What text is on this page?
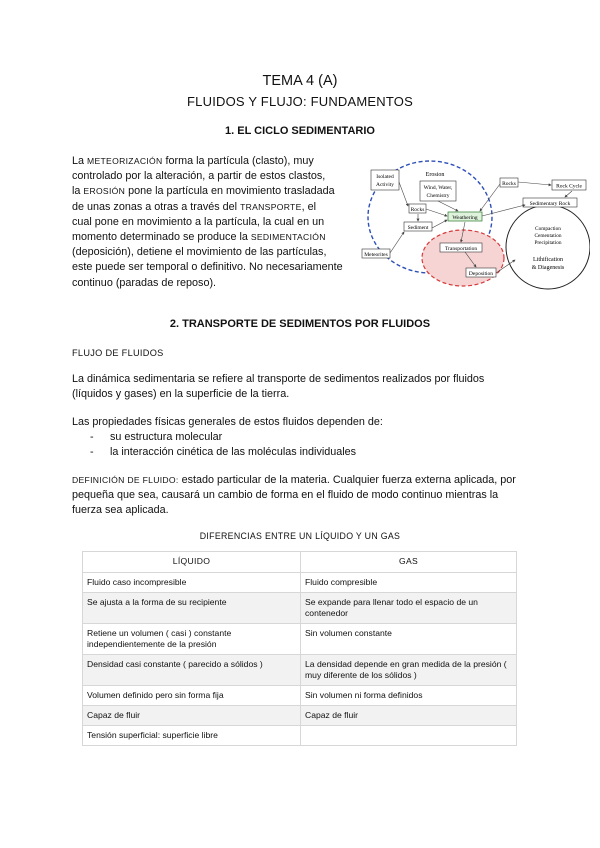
TEMA 4 (A)
FLUIDOS Y FLUJO: FUNDAMENTOS
1. EL CICLO SEDIMENTARIO
La METEORIZACIÓN forma la partícula (clasto), muy
controlado por la alteración, a partir de estos clastos,
la EROSIÓN pone la partícula en movimiento trasladada
de unas zonas a otras a través del TRANSPORTE, el
cual pone en movimiento a la partícula, la cual en un
momento determinado se produce la SEDIMENTACIÓN
(deposición), detiene el movimiento de las partículas,
este puede ser temporal o definitivo. No necesariamente
continuo (paradas de reposo).
Isolated
Activity
Erosion
Wind, Water,
Chemistry
Rocks
Sediment
Weathering
Meteorites
Transportation
Deposition
Rocks	Rock Cycle
Sedimentary Rock
Compaction
Cementation
Precipitation
Lithification
& Diagenesis
2. TRANSPORTE DE SEDIMENTOS POR FLUIDOS
FLUJO DE FLUIDOS
La dinámica sedimentaria se refiere al transporte de sedimentos realizados por fluidos
(líquidos y gases) en la superficie de la tierra.
Las propiedades físicas generales de estos fluidos dependen de:
- su estructura molecular
- la interacción cinética de las moléculas individuales
DEFINICIÓN DE FLUIDO: estado particular de la materia. Cualquier fuerza externa aplicada, por
pequeña que sea, causará un cambio de forma en el fluido de modo continuo mientras la
fuerza sea aplicada.
DIFERENCIAS ENTRE UN LÍQUIDO Y UN GAS
LÍQUIDO	GAS
Fluido caso incompresible	Fluido compresible
Se ajusta a la forma de su recipiente	Se expande para llenar todo el espacio de un contenedor
Retiene un volumen ( casi ) constante independientemente de la presión	Sin volumen constante
Densidad casi constante ( parecido a sólidos )	La densidad depende en gran medida de la presión ( muy diferente de los sólidos )
Volumen definido pero sin forma fija	Sin volumen ni forma definidos
Capaz de fluir	Capaz de fluir
Tensión superficial: superficie libre	
